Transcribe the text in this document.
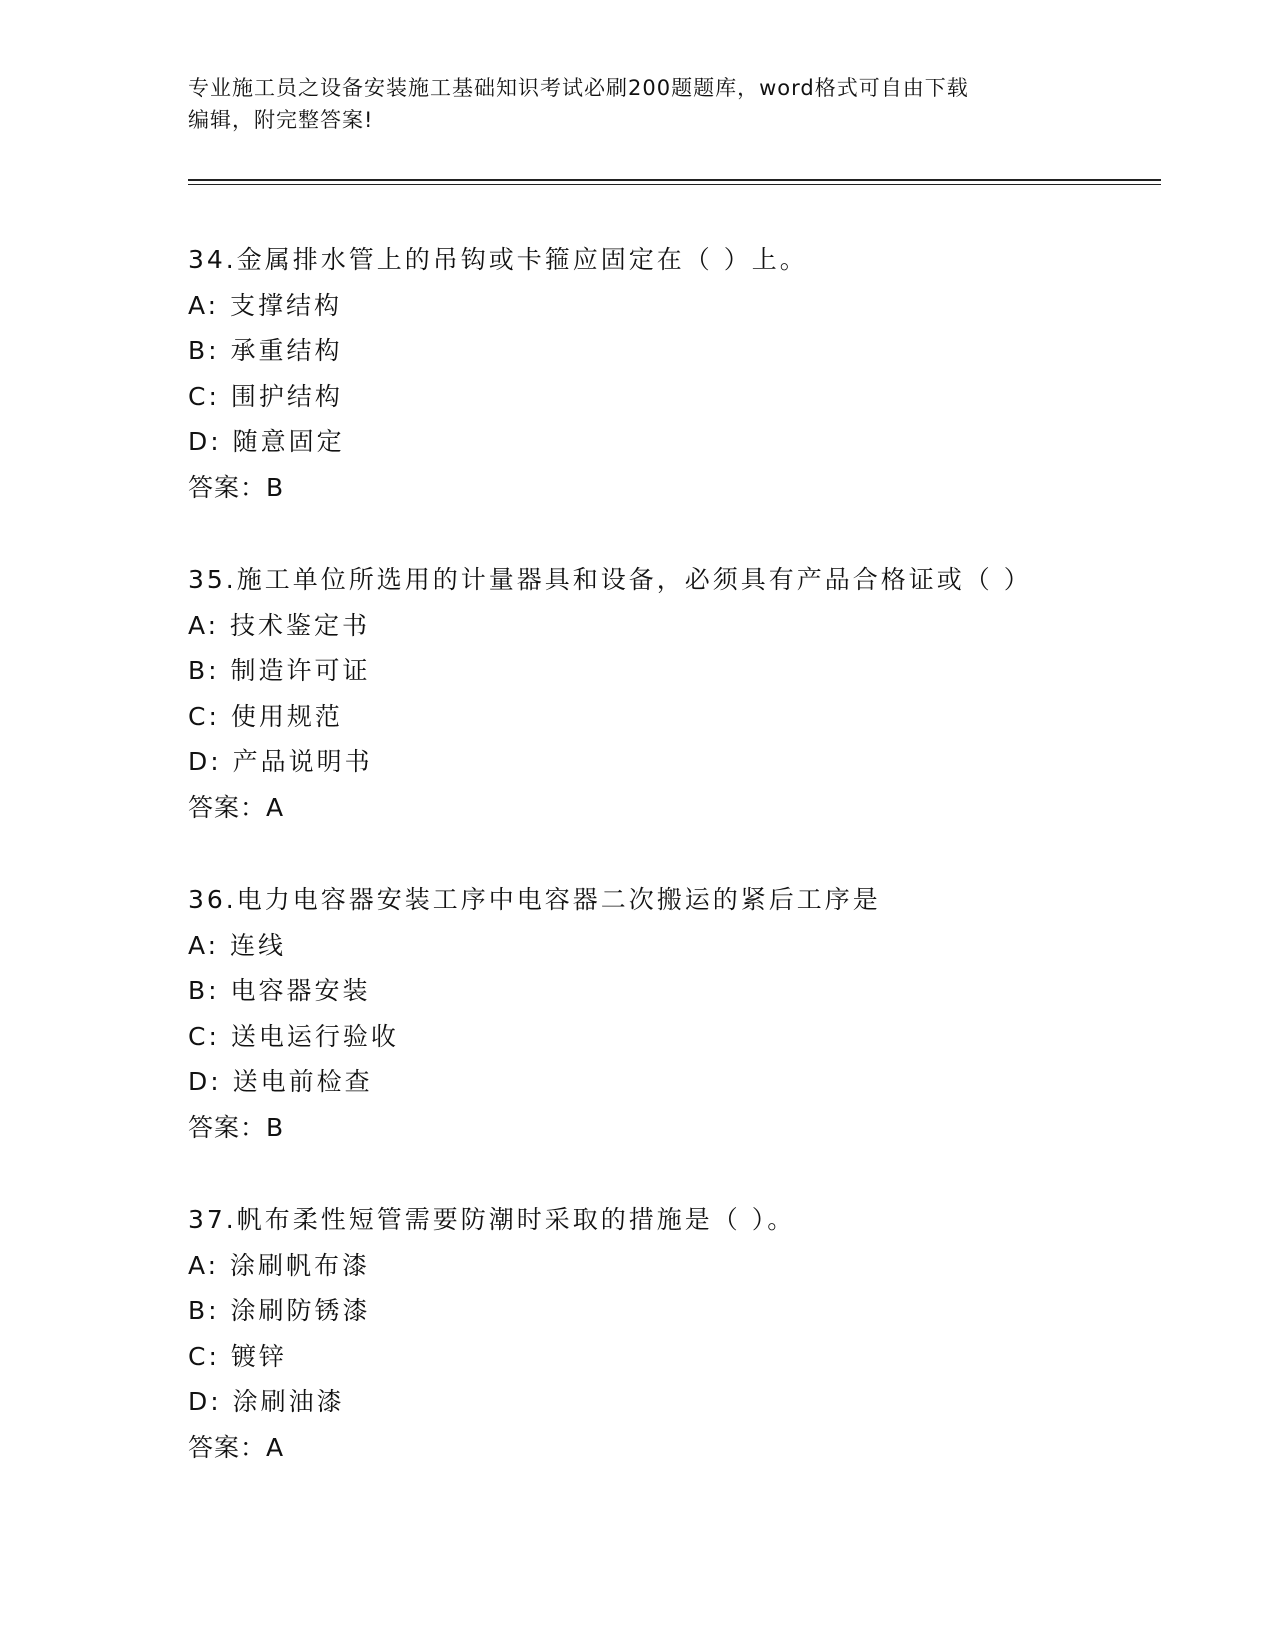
专业施工员之设备安装施工基础知识考试必刷200题题库，word格式可自由下载
编辑，附完整答案!
34.金属排水管上的吊钩或卡箍应固定在（ ）上。
A: 支撑结构
B: 承重结构
C: 围护结构
D: 随意固定
答案：B
35.施工单位所选用的计量器具和设备，必须具有产品合格证或（ ）
A: 技术鉴定书
B: 制造许可证
C: 使用规范
D: 产品说明书
答案：A
36.电力电容器安装工序中电容器二次搬运的紧后工序是
A: 连线
B: 电容器安装
C: 送电运行验收
D: 送电前检查
答案：B
37.帆布柔性短管需要防潮时采取的措施是（ ）。
A: 涂刷帆布漆
B: 涂刷防锈漆
C: 镀锌
D: 涂刷油漆
答案：A
